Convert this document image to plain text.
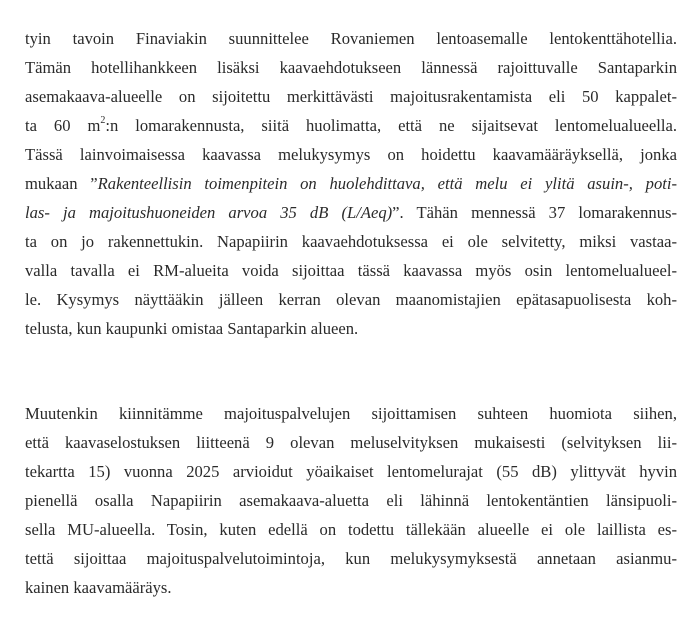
tyin tavoin Finaviakin suunnittelee Rovaniemen lentoasemalle lentokenttähotellia.

Tämän hotellihankkeen lisäksi kaavaehdotukseen lännessä rajoittuvalle Santaparkin

asemakaava-alueelle on sijoitettu merkittävästi majoitusrakentamista eli 50 kappalet-

ta 60 $m^2:n$ lomarakennusta, siitä huolimatta, että ne sijaitsevat lentomelualueella.

Tässä lainvoimaisessa kaavassa melukysymys on hoidettu kaavamääräyksellä, jonka

mukaan ”Rakenteellisin toimenpitein on huolehdittava, että melu ei ylitä asuin-, poti-

las- ja majoitushuoneiden arvoa 35 dB (L/Aeq)”. Tähän mennessä 37 lomarakennus-

ta on jo rakennettukin. Napapiirin kaavaehdotuksessa ei ole selvitetty, miksi vastaa-

valla tavalla ei RM-alueita voida sijoittaa tässä kaavassa myös osin lentomelualueel-

le. Kysymys näyttääkin jälleen kerran olevan maanomistajien epätasapuolisesta koh-

telusta, kun kaupunki omistaa Santaparkin alueen.

Muutenkin kiinnitämme majoituspalvelujen sijoittamisen suhteen huomiota siihen,

että kaavaselostuksen liitteenä 9 olevan meluselvityksen mukaisesti (selvityksen lii-

tekartta 15) vuonna 2025 arvioidut yöaikaiset lentomelurajat (55 dB) ylittyvät hyvin

pienellä osalla Napapiirin asemakaava-aluetta eli lähinnä lentokentäntien länsipuoli-

sella MU-alueella. Tosin, kuten edellä on todettu tällekään alueelle ei ole laillista es-

tettä sijoittaa majoituspalvelutoimintoja, kun melukysymyksestä annetaan asianmu-

kainen kaavamääräys.
